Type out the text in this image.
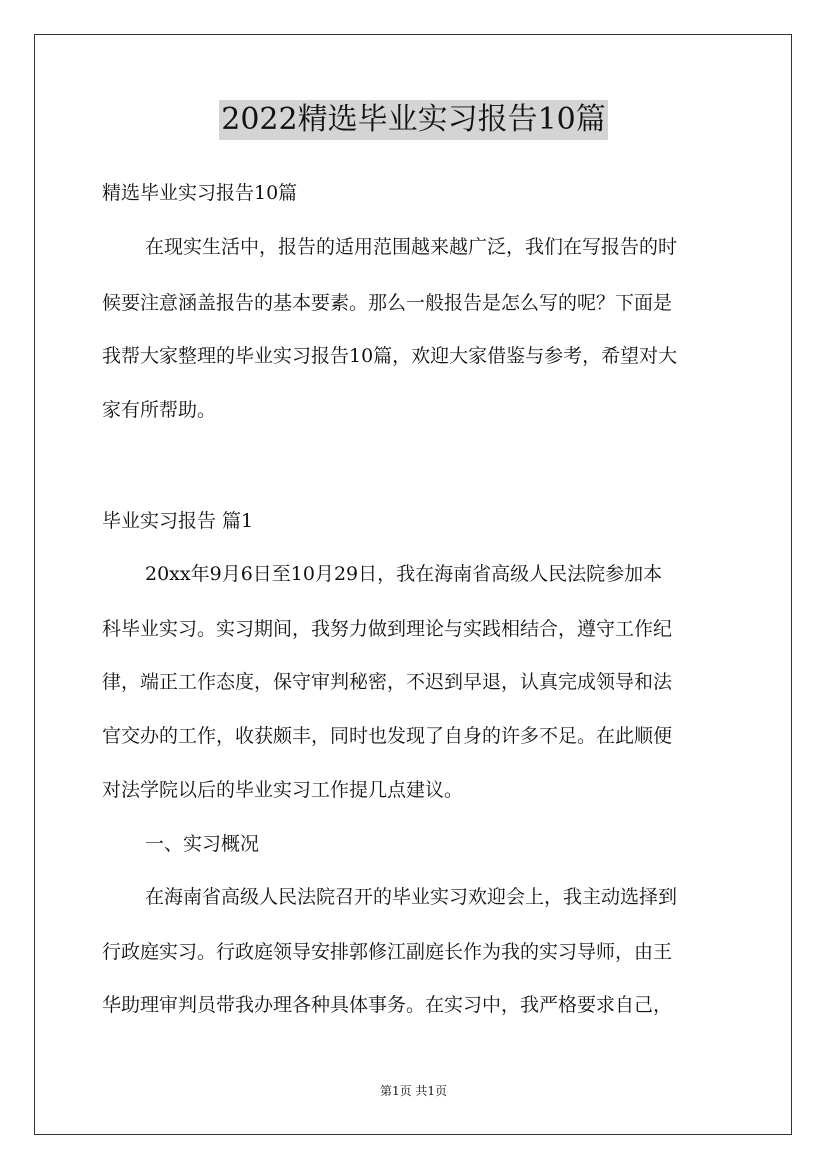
2022精选毕业实习报告10篇
精选毕业实习报告10篇
在现实生活中，报告的适用范围越来越广泛，我们在写报告的时
候要注意涵盖报告的基本要素。那么一般报告是怎么写的呢？下面是
我帮大家整理的毕业实习报告10篇，欢迎大家借鉴与参考，希望对大
家有所帮助。
毕业实习报告 篇1
20xx年9月6日至10月29日，我在海南省高级人民法院参加本
科毕业实习。实习期间，我努力做到理论与实践相结合，遵守工作纪
律，端正工作态度，保守审判秘密，不迟到早退，认真完成领导和法
官交办的工作，收获颇丰，同时也发现了自身的许多不足。在此顺便
对法学院以后的毕业实习工作提几点建议。
一、实习概况
在海南省高级人民法院召开的毕业实习欢迎会上，我主动选择到
行政庭实习。行政庭领导安排郭修江副庭长作为我的实习导师，由王
华助理审判员带我办理各种具体事务。在实习中，我严格要求自己，
第1页 共1页
